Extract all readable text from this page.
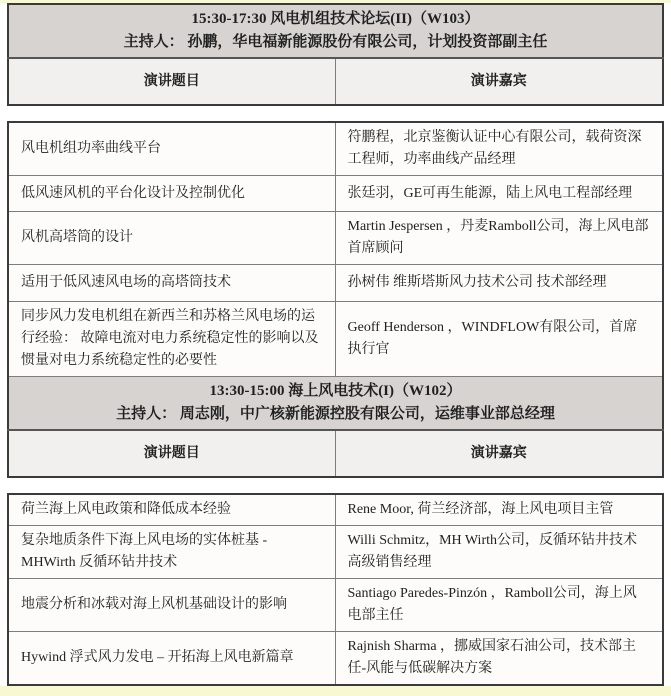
15:30-17:30 风电机组技术论坛(II)（W103）
主持人： 孙鹏，华电福新能源股份有限公司，计划投资部副主任

演讲题目	演讲嘉宾
风电机组功率曲线平台	符鹏程，北京鉴衡认证中心有限公司，载荷资深工程师，功率曲线产品经理
低风速风机的平台化设计及控制优化	张廷羽，GE可再生能源，陆上风电工程部经理
风机高塔筒的设计	Martin Jespersen ，丹麦Ramboll公司，海上风电部首席顾问
适用于低风速风电场的高塔筒技术	孙树伟 维斯塔斯风力技术公司 技术部经理
同步风力发电机组在新西兰和苏格兰风电场的运行经验： 故障电流对电力系统稳定性的影响以及惯量对电力系统稳定性的必要性	Geoff Henderson ，WINDFLOW有限公司，首席执行官

13:30-15:00 海上风电技术(I)（W102）
主持人： 周志刚，中广核新能源控股有限公司，运维事业部总经理	

演讲题目	演讲嘉宾
荷兰海上风电政策和降低成本经验	Rene Moor, 荷兰经济部，海上风电项目主管
复杂地质条件下海上风电场的实体桩基 - MHWirth 反循环钻井技术	Willi Schmitz，MH Wirth公司，反循环钻井技术高级销售经理
地震分析和冰载对海上风机基础设计的影响	Santiago Paredes-Pinzón ，Ramboll公司，海上风电部主任
Hywind 浮式风力发电 – 开拓海上风电新篇章	Rajnish Sharma ，挪威国家石油公司，技术部主任-风能与低碳解决方案
